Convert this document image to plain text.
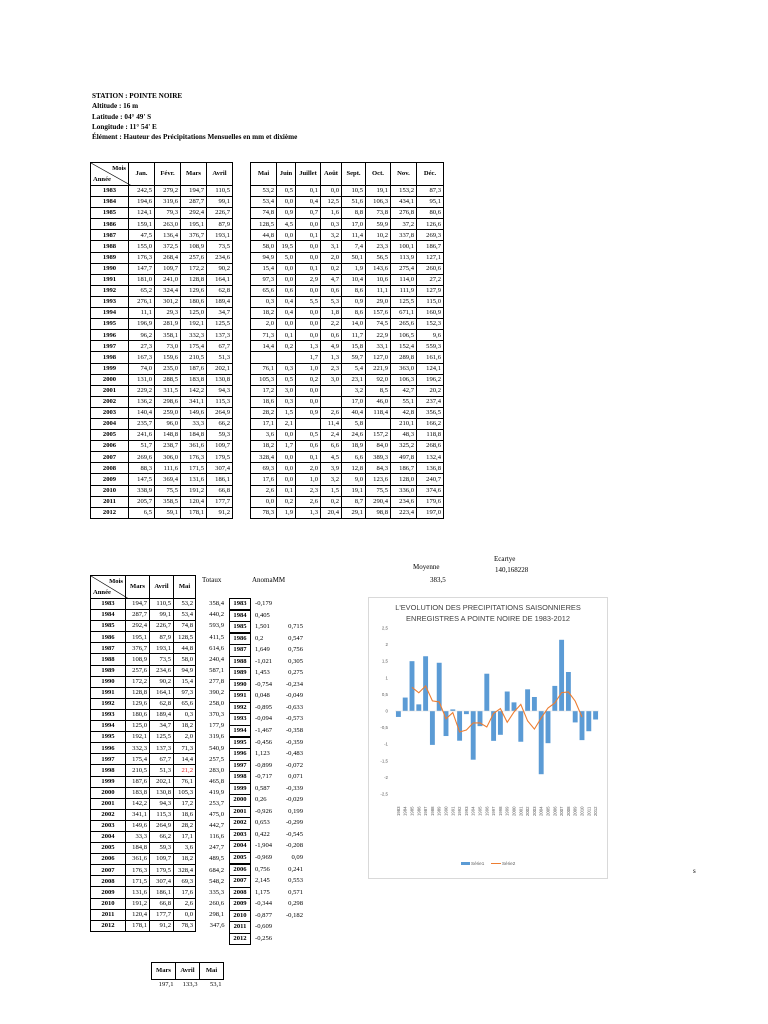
STATION : POINTE NOIRE
Altitude : 16 m
Latitude : 04° 49' S
Longitude : 11° 54' E
Élément : Hauteur des Précipitations Mensuelles en mm et dixième
Mois
Année	Jan.	Févr.	Mars	Avril		Mai	Juin	Juillet	Août	Sept.	Oct.	Nov.	Déc.
1983	242,5	279,2	194,7	110,5		53,2	0,5	0,1	0,0	10,5	19,1	153,2	87,3
1984	194,6	319,6	287,7	99,1		53,4	0,0	0,4	12,5	51,6	106,3	434,1	95,1
1985	124,1	79,3	292,4	226,7		74,8	0,9	0,7	1,6	8,8	73,8	276,8	80,6
1986	159,1	263,0	195,1	87,9		128,5	4,5	0,0	0,3	17,0	59,9	37,2	126,6
1987	47,5	136,4	376,7	193,1		44,8	0,0	0,1	3,2	11,4	10,2	337,8	269,3
1988	155,0	372,5	108,9	73,5		58,0	19,5	0,0	3,1	7,4	23,3	100,1	186,7
1989	176,3	268,4	257,6	234,6		94,9	5,0	0,0	2,0	50,1	56,5	113,9	127,1
1990	147,7	109,7	172,2	90,2		15,4	0,0	0,1	0,2	1,9	143,6	275,4	260,6
1991	181,0	241,0	128,8	164,1		97,3	0,0	2,9	4,7	10,4	10,6	114,0	27,2
1992	65,2	324,4	129,6	62,8		65,6	0,6	0,0	0,6	8,6	11,1	111,9	127,9
1993	276,1	301,2	180,6	189,4		0,3	0,4	5,5	5,3	0,9	29,0	125,5	115,0
1994	11,1	29,3	125,0	34,7		18,2	0,4	0,0	1,8	8,6	157,6	671,1	160,9
1995	196,9	281,9	192,1	125,5		2,0	0,0	0,0	2,2	14,0	74,5	265,6	152,3
1996	96,2	358,1	332,3	137,3		71,3	0,1	0,0	0,6	11,7	22,9	106,5	9,6
1997	27,3	73,0	175,4	67,7		14,4	0,2	1,3	4,9	15,8	33,1	152,4	559,3
1998	167,3	159,6	210,5	51,3				1,7	1,3	59,7	127,0	289,8	161,6
1999	74,0	235,0	187,6	202,1		76,1	0,3	1,0	2,3	5,4	221,9	363,0	124,1
2000	131,0	288,5	183,8	130,8		105,3	0,5	0,2	3,0	23,1	92,0	106,3	196,2
2001	229,2	311,5	142,2	94,3		17,2	3,0	0,0		3,2	8,5	42,7	20,2
2002	136,2	298,6	341,1	115,3		18,6	0,3	0,0		17,0	46,0	55,1	237,4
2003	140,4	259,0	149,6	264,9		28,2	1,5	0,9	2,6	40,4	118,4	42,8	356,5
2004	235,7	96,0	33,3	66,2		17,1	2,1		11,4	5,8		210,1	166,2
2005	241,6	148,8	184,8	59,3		3,6	0,0	0,5	2,4	24,6	157,2	48,3	118,8
2006	51,7	238,7	361,6	109,7		18,2	1,7	0,6	6,6	18,9	84,0	325,2	268,6
2007	269,6	306,0	176,3	179,5		328,4	0,0	0,1	4,5	6,6	389,3	497,8	132,4
2008	88,3	111,6	171,5	307,4		69,3	0,0	2,0	3,9	12,8	84,3	186,7	136,8
2009	147,5	369,4	131,6	186,1		17,6	0,0	1,0	3,2	9,0	123,6	128,0	240,7
2010	338,9	75,5	191,2	66,8		2,6	0,1	2,3	1,5	19,1	75,5	336,0	374,6
2011	205,7	358,5	120,4	177,7		0,0	0,2	2,6	0,2	8,7	290,4	234,6	179,6
2012	6,5	59,1	178,1	91,2		78,3	1,9	1,3	20,4	29,1	98,8	223,4	197,0
Ecartye
140,168228
Moyenne
383,5
Totaux	AnomaMM
s
Mois
Année	Mars	Avril	Mai	
1983	194,7	110,5	53,2	358,4
1984	287,7	99,1	53,4	440,2
1985	292,4	226,7	74,8	593,9
1986	195,1	87,9	128,5	411,5
1987	376,7	193,1	44,8	614,6
1988	108,9	73,5	58,0	240,4
1989	257,6	234,6	94,9	587,1
1990	172,2	90,2	15,4	277,8
1991	128,8	164,1	97,3	390,2
1992	129,6	62,8	65,6	258,0
1993	180,6	189,4	0,3	370,3
1994	125,0	34,7	18,2	177,9
1995	192,1	125,5	2,0	319,6
1996	332,3	137,3	71,3	540,9
1997	175,4	67,7	14,4	257,5
1998	210,5	51,3	21,2	283,0
1999	187,6	202,1	76,1	465,8
2000	183,8	130,8	105,3	419,9
2001	142,2	94,3	17,2	253,7
2002	341,1	115,3	18,6	475,0
2003	149,6	264,9	28,2	442,7
2004	33,3	66,2	17,1	116,6
2005	184,8	59,3	3,6	247,7
2006	361,6	109,7	18,2	489,5
2007	176,3	179,5	328,4	684,2
2008	171,5	307,4	69,3	548,2
2009	131,6	186,1	17,6	335,3
2010	191,2	66,8	2,6	260,6
2011	120,4	177,7	0,0	298,1
2012	178,1	91,2	78,3	347,6
1983	-0,179
1984	0,405
1985	1,501	0,715
1986	0,2	0,547
1987	1,649	0,756
1988	-1,021	0,305
1989	1,453	0,275
1990	-0,754	-0,234
1991	0,048	-0,049
1992	-0,895	-0,633
1993	-0,094	-0,573
1994	-1,467	-0,358
1995	-0,456	-0,359
1996	1,123	-0,483
1997	-0,899	-0,072
1998	-0,717	0,071
1999	0,587	-0,339
2000	0,26	-0,029
2001	-0,926	0,199
2002	0,653	-0,299
2003	0,422	-0,545
2004	-1,904	-0,208
2005	-0,969	0,09
2006	0,756	0,241
2007	2,145	0,553
2008	1,175	0,571
2009	-0,344	0,298
2010	-0,877	-0,182
2011	-0,609
2012	-0,256
L'EVOLUTION DES PRECIPITATIONS SAISONNIERES ENREGISTRES A POINTE NOIRE DE 1983-2012
2,5
2
1,5
1
0,5
0
-0,5
-1
-1,5
-2
-2,5
1983 1984 1985 1986 1987 1988 1989 1990 1991 1992 1993 1994 1995 1996 1997 1998 1999 2000 2001 2002 2003 2004 2005 2006 2007 2008 2009 2010 2011 2012
Série1	Série2
Mars	Avril	Mai
197,1	133,3	53,1
